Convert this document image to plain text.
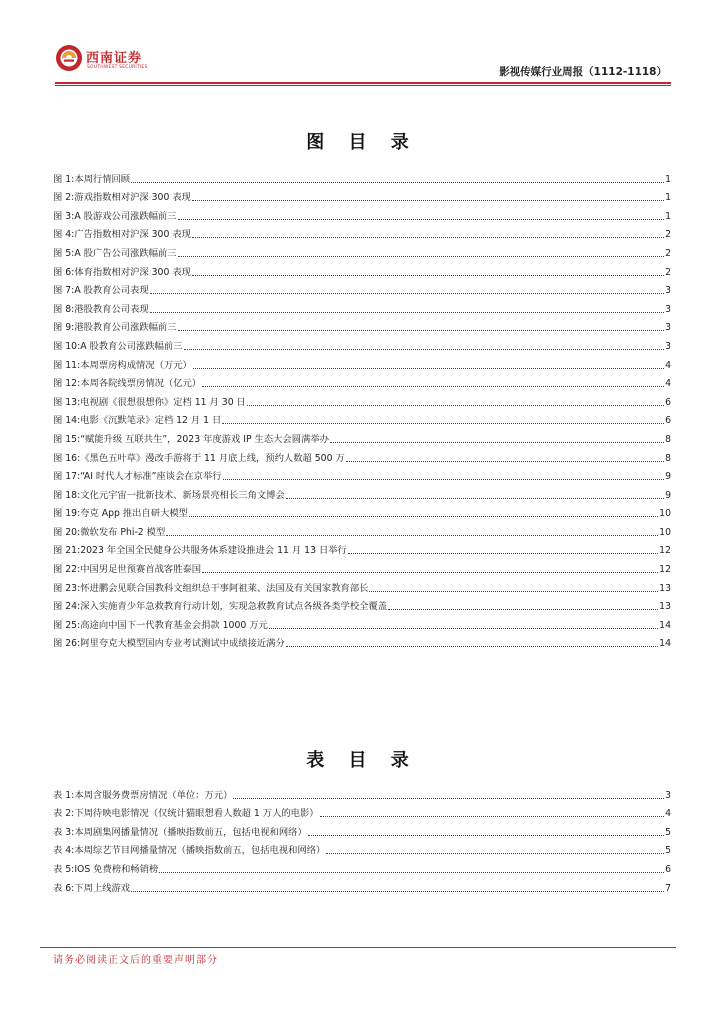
西南证券
SOUTHWEST SECURITIES	影视传媒行业周报（1112-1118）
图 目 录
图 1: 本周行情回顾	1
图 2: 游戏指数相对沪深 300 表现	1
图 3: A 股游戏公司涨跌幅前三	1
图 4: 广告指数相对沪深 300 表现	2
图 5: A 股广告公司涨跌幅前三	2
图 6: 体育指数相对沪深 300 表现	2
图 7: A 股教育公司表现	3
图 8: 港股教育公司表现	3
图 9: 港股教育公司涨跌幅前三	3
图 10: A 股教育公司涨跌幅前三	3
图 11: 本周票房构成情况（万元）	4
图 12: 本周各院线票房情况（亿元）	4
图 13: 电视剧《很想很想你》定档 11 月 30 日	6
图 14: 电影《沉默笔录》定档 12 月 1 日	6
图 15: “赋能升级 互联共生”，2023 年度游戏 IP 生态大会圆满举办	8
图 16: 《黑色五叶草》漫改手游将于 11 月底上线，预约人数超 500 万	8
图 17: “AI 时代人才标准”座谈会在京举行	9
图 18: 文化元宇宙一批新技术、新场景亮相长三角文博会	9
图 19: 夸克 App 推出自研大模型	10
图 20: 微软发布 Phi-2 模型	10
图 21: 2023 年全国全民健身公共服务体系建设推进会 11 月 13 日举行	12
图 22: 中国男足世预赛首战客胜泰国	12
图 23: 怀进鹏会见联合国教科文组织总干事阿祖莱、法国及有关国家教育部长	13
图 24: 深入实施青少年急救教育行动计划，实现急救教育试点各级各类学校全覆盖	13
图 25: 高途向中国下一代教育基金会捐款 1000 万元	14
图 26: 阿里夸克大模型国内专业考试测试中成绩接近满分	14
表 目 录
表 1: 本周含服务费票房情况（单位：万元）	3
表 2: 下周待映电影情况（仅统计猫眼想看人数超 1 万人的电影）	4
表 3: 本周剧集网播量情况（播映指数前五，包括电视和网络）	5
表 4: 本周综艺节目网播量情况（播映指数前五，包括电视和网络）	5
表 5: IOS 免费榜和畅销榜	6
表 6: 下周上线游戏	7
请务必阅读正文后的重要声明部分
